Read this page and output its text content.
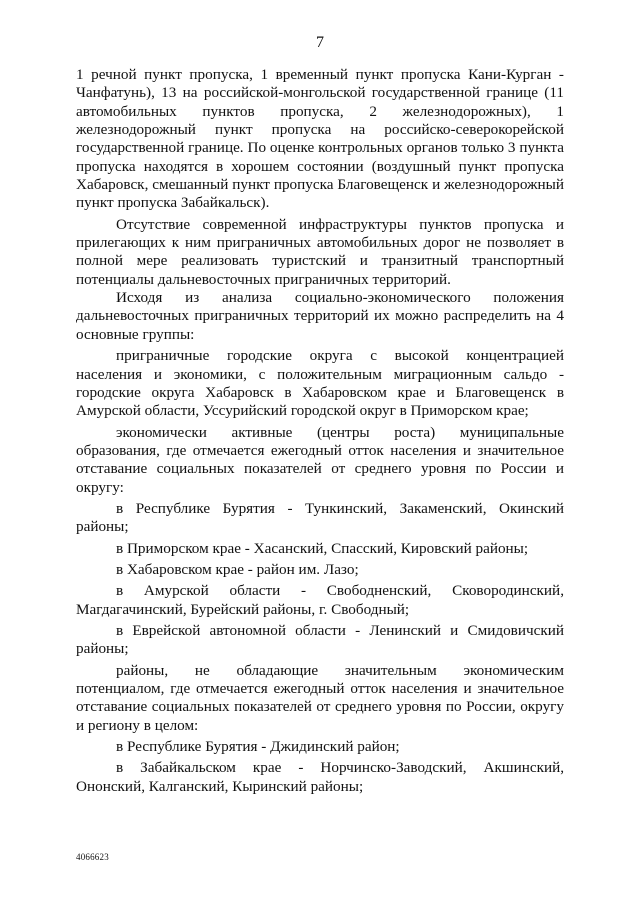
7

1 речной пункт пропуска, 1 временный пункт пропуска Кани-Курган - Чанфатунь), 13 на российской-монгольской государственной границе (11 автомобильных пунктов пропуска, 2 железнодорожных), 1 железнодорожный пункт пропуска на российско-северокорейской государственной границе. По оценке контрольных органов только 3 пункта пропуска находятся в хорошем состоянии (воздушный пункт пропуска Хабаровск, смешанный пункт пропуска Благовещенск и железнодорожный пункт пропуска Забайкальск).

Отсутствие современной инфраструктуры пунктов пропуска и прилегающих к ним приграничных автомобильных дорог не позволяет в полной мере реализовать туристский и транзитный транспортный потенциалы дальневосточных приграничных территорий.

Исходя из анализа социально-экономического положения дальневосточных приграничных территорий их можно распределить на 4 основные группы:

приграничные городские округа с высокой концентрацией населения и экономики, с положительным миграционным сальдо - городские округа Хабаровск в Хабаровском крае и Благовещенск в Амурской области, Уссурийский городской округ в Приморском крае;

экономически активные (центры роста) муниципальные образования, где отмечается ежегодный отток населения и значительное отставание социальных показателей от среднего уровня по России и округу:

в Республике Бурятия - Тункинский, Закаменский, Окинский районы;

в Приморском крае - Хасанский, Спасский, Кировский районы;

в Хабаровском крае - район им. Лазо;

в Амурской области - Свободненский, Сковородинский, Магдагачинский, Бурейский районы, г. Свободный;

в Еврейской автономной области - Ленинский и Смидовичский районы;

районы, не обладающие значительным экономическим потенциалом, где отмечается ежегодный отток населения и значительное отставание социальных показателей от среднего уровня по России, округу и региону в целом:

в Республике Бурятия - Джидинский район;

в Забайкальском крае - Норчинско-Заводский, Акшинский, Ононский, Калганский, Кыринский районы;

4066623
